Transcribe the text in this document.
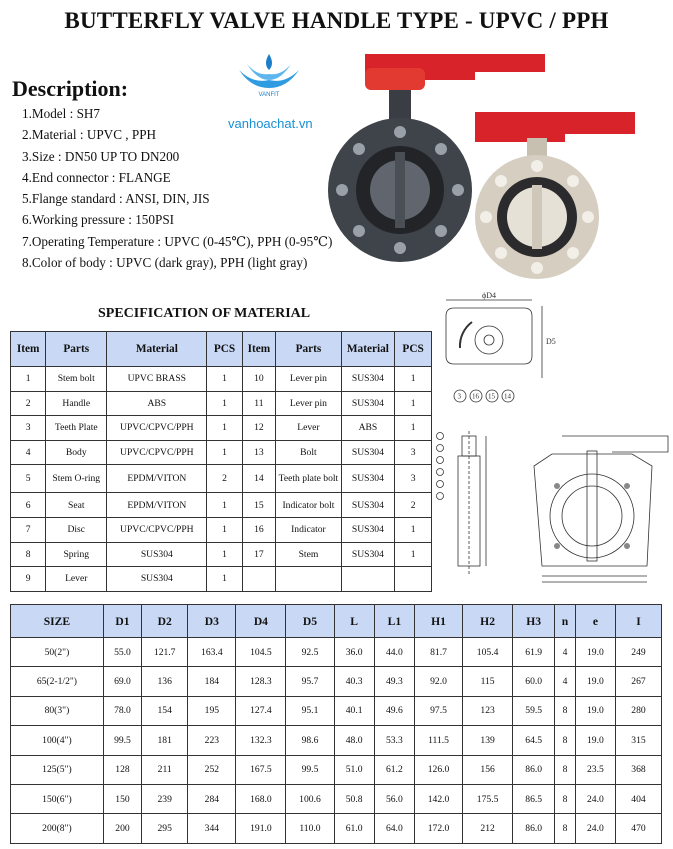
BUTTERFLY VALVE HANDLE TYPE - UPVC / PPH
Description:
1.Model : SH7
2.Material : UPVC , PPH
3.Size : DN50 UP TO DN200
4.End connector : FLANGE
5.Flange standard : ANSI, DIN, JIS
6.Working pressure : 150PSI
7.Operating Temperature : UPVC (0-45℃), PPH (0-95℃)
8.Color of body : UPVC (dark gray), PPH (light gray)
VANFIT
vanhoachat.vn
SPECIFICATION OF MATERIAL
ϕD4
D5
3 16 15 14
Item	Parts	Material	PCS	Item	Parts	Material	PCS
1	Stem bolt	UPVC BRASS	1	10	Lever pin	SUS304	1
2	Handle	ABS	1	11	Lever pin	SUS304	1
3	Teeth Plate	UPVC/CPVC/PPH	1	12	Lever	ABS	1
4	Body	UPVC/CPVC/PPH	1	13	Bolt	SUS304	3
5	Stem O-ring	EPDM/VITON	2	14	Teeth plate bolt	SUS304	3
6	Seat	EPDM/VITON	1	15	Indicator bolt	SUS304	2
7	Disc	UPVC/CPVC/PPH	1	16	Indicator	SUS304	1
8	Spring	SUS304	1	17	Stem	SUS304	1
9	Lever	SUS304	1				
SIZE	D1	D2	D3	D4	D5	L	L1	H1	H2	H3	n	e	I
50(2")	55.0	121.7	163.4	104.5	92.5	36.0	44.0	81.7	105.4	61.9	4	19.0	249
65(2-1/2")	69.0	136	184	128.3	95.7	40.3	49.3	92.0	115	60.0	4	19.0	267
80(3")	78.0	154	195	127.4	95.1	40.1	49.6	97.5	123	59.5	8	19.0	280
100(4")	99.5	181	223	132.3	98.6	48.0	53.3	111.5	139	64.5	8	19.0	315
125(5")	128	211	252	167.5	99.5	51.0	61.2	126.0	156	86.0	8	23.5	368
150(6")	150	239	284	168.0	100.6	50.8	56.0	142.0	175.5	86.5	8	24.0	404
200(8")	200	295	344	191.0	110.0	61.0	64.0	172.0	212	86.0	8	24.0	470
